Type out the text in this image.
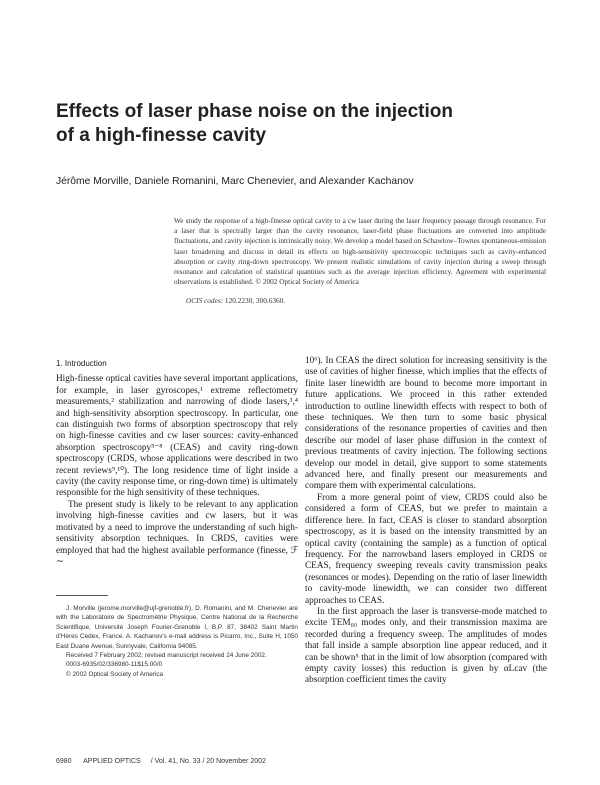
Effects of laser phase noise on the injection
of a high-finesse cavity
Jérôme Morville, Daniele Romanini, Marc Chenevier, and Alexander Kachanov
We study the response of a high-finesse optical cavity to a cw laser during the laser frequency passage through resonance. For a laser that is spectrally larger than the cavity resonance, laser-field phase fluctuations are converted into amplitude fluctuations, and cavity injection is intrinsically noisy. We develop a model based on Schawlow–Townes spontaneous-emission laser broadening and discuss in detail its effects on high-sensitivity spectroscopic techniques such as cavity-enhanced absorption or cavity ring-down spectroscopy. We present realistic simulations of cavity injection during a sweep through resonance and calculation of statistical quantities such as the average injection efficiency. Agreement with experimental observations is established. © 2002 Optical Society of America
OCIS codes: 120.2230, 300.6360.
1. Introduction

High-finesse optical cavities have several important applications, for example, in laser gyroscopes,¹ extreme reflectometry measurements,² stabilization and narrowing of diode lasers,³,⁴ and high-sensitivity absorption spectroscopy. In particular, one can distinguish two forms of absorption spectroscopy that rely on high-finesse cavities and cw laser sources: cavity-enhanced absorption spectroscopy⁵⁻⁸ (CEAS) and cavity ring-down spectroscopy (CRDS, whose applications were described in two recent reviews⁹,¹⁰). The long residence time of light inside a cavity (the cavity response time, or ring-down time) is ultimately responsible for the high sensitivity of these techniques.

The present study is likely to be relevant to any application involving high-finesse cavities and cw lasers, but it was motivated by a need to improve the understanding of such high-sensitivity absorption techniques. In CRDS, cavities were employed that had the highest available performance (finesse, ℱ ∼

10⁶). In CEAS the direct solution for increasing sensitivity is the use of cavities of higher finesse, which implies that the effects of finite laser linewidth are bound to become more important in future applications. We proceed in this rather extended introduction to outline linewidth effects with respect to both of these techniques. We then turn to some basic physical considerations of the resonance properties of cavities and then describe our model of laser phase diffusion in the context of previous treatments of cavity injection. The following sections develop our model in detail, give support to some statements advanced here, and finally present our measurements and compare them with experimental calculations.

From a more general point of view, CRDS could also be considered a form of CEAS, but we prefer to maintain a difference here. In fact, CEAS is closer to standard absorption spectroscopy, as it is based on the intensity transmitted by an optical cavity (containing the sample) as a function of optical frequency. For the narrowband lasers employed in CRDS or CEAS, frequency sweeping reveals cavity transmission peaks (resonances or modes). Depending on the ratio of laser linewidth to cavity-mode linewidth, we can consider two different approaches to CEAS.

In the first approach the laser is transverse-mode matched to excite TEM₀₀ modes only, and their transmission maxima are recorded during a frequency sweep. The amplitudes of modes that fall inside a sample absorption line appear reduced, and it can be shown⁵ that in the limit of low absorption (compared with empty cavity losses) this reduction is given by αLcav (the absorption coefficient times the cavity

J. Morville (jerome.morville@ujf-grenoble.fr), D. Romanini, and M. Chenevier are with the Laboratoire de Spectrométrie Physique, Centre National de la Recherche Scientifique, Université Joseph Fourier-Grenoble I, B.P. 87, 38402 Saint Martin d'Hères Cedex, France. A. Kachanov's e-mail address is Picarro, Inc., Suite H, 1050 East Duane Avenue, Sunnyvale, California 94085.

Received 7 February 2002; revised manuscript received 24 June 2002.

0003-6935/02/336980-11$15.00/0

© 2002 Optical Society of America

6980 APPLIED OPTICS / Vol. 41, No. 33 / 20 November 2002
